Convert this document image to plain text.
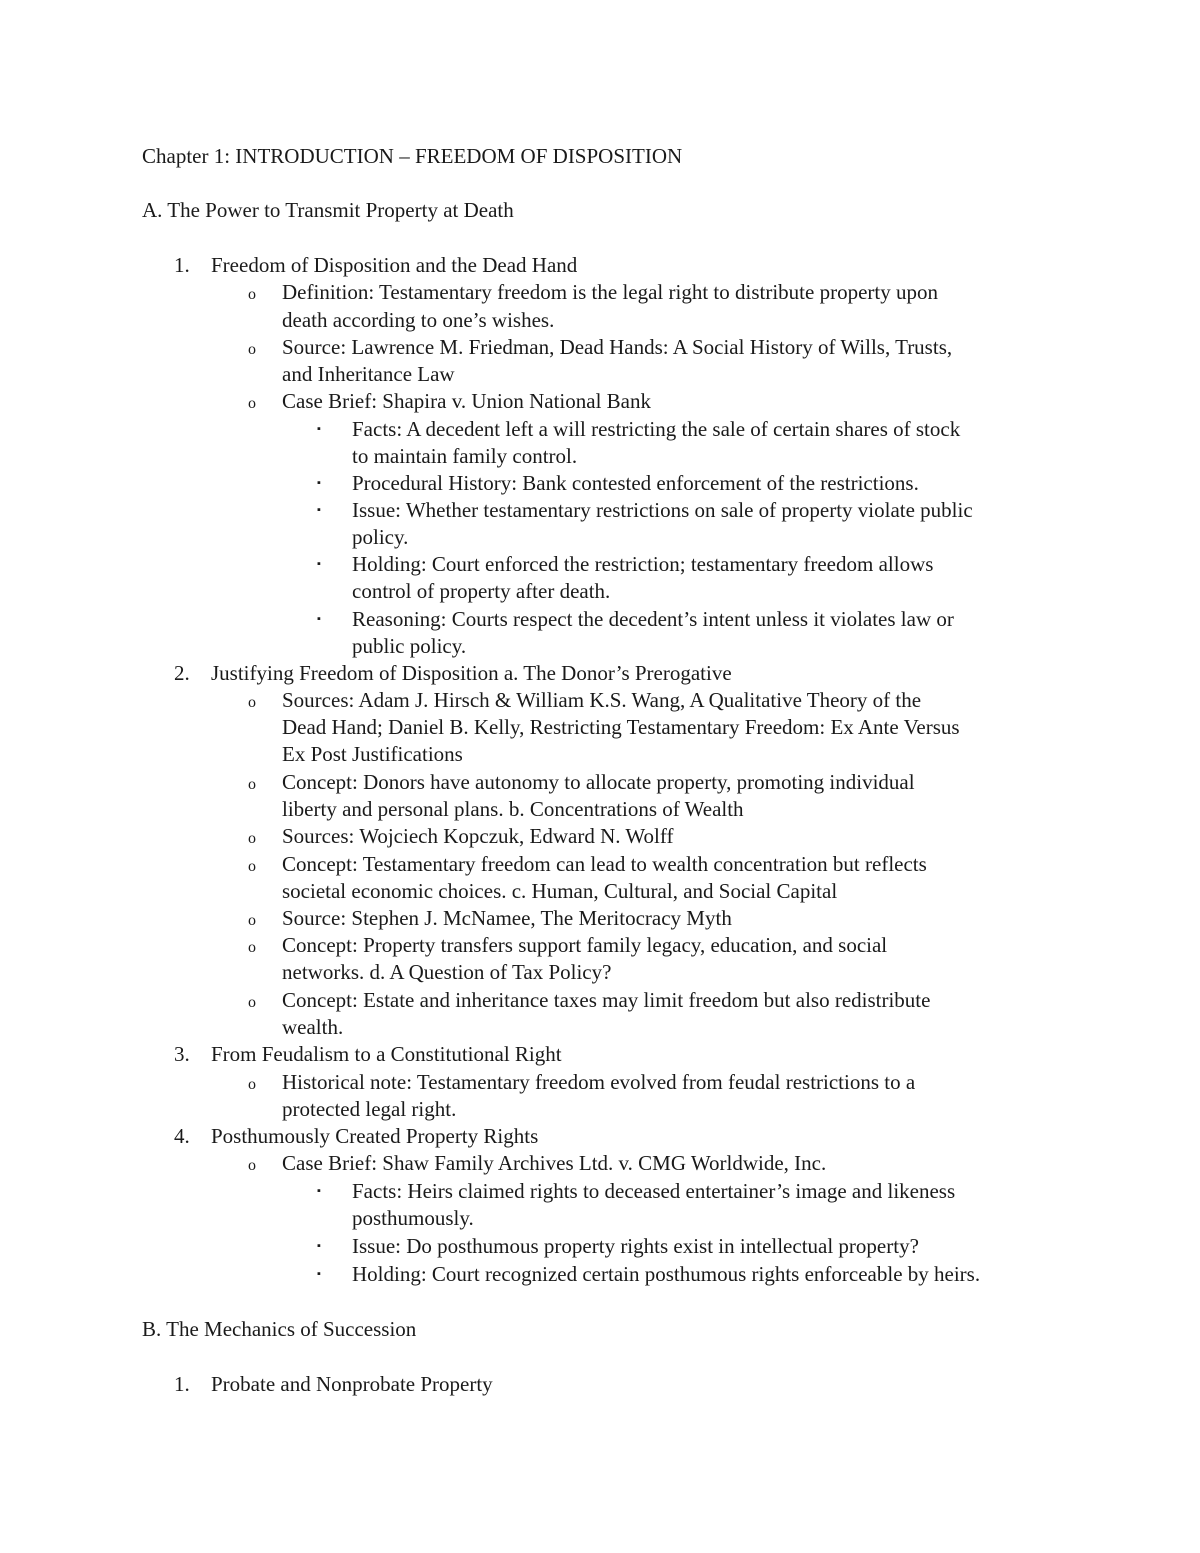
Chapter 1: INTRODUCTION – FREEDOM OF DISPOSITION
A. The Power to Transmit Property at Death
1. Freedom of Disposition and the Dead Hand
o Definition: Testamentary freedom is the legal right to distribute property upon
death according to one’s wishes.
o Source: Lawrence M. Friedman, Dead Hands: A Social History of Wills, Trusts,
and Inheritance Law
o Case Brief: Shapira v. Union National Bank
▪ Facts: A decedent left a will restricting the sale of certain shares of stock
to maintain family control.
▪ Procedural History: Bank contested enforcement of the restrictions.
▪ Issue: Whether testamentary restrictions on sale of property violate public
policy.
▪ Holding: Court enforced the restriction; testamentary freedom allows
control of property after death.
▪ Reasoning: Courts respect the decedent’s intent unless it violates law or
public policy.
2. Justifying Freedom of Disposition a. The Donor’s Prerogative
o Sources: Adam J. Hirsch & William K.S. Wang, A Qualitative Theory of the
Dead Hand; Daniel B. Kelly, Restricting Testamentary Freedom: Ex Ante Versus
Ex Post Justifications
o Concept: Donors have autonomy to allocate property, promoting individual
liberty and personal plans. b. Concentrations of Wealth
o Sources: Wojciech Kopczuk, Edward N. Wolff
o Concept: Testamentary freedom can lead to wealth concentration but reflects
societal economic choices. c. Human, Cultural, and Social Capital
o Source: Stephen J. McNamee, The Meritocracy Myth
o Concept: Property transfers support family legacy, education, and social
networks. d. A Question of Tax Policy?
o Concept: Estate and inheritance taxes may limit freedom but also redistribute
wealth.
3. From Feudalism to a Constitutional Right
o Historical note: Testamentary freedom evolved from feudal restrictions to a
protected legal right.
4. Posthumously Created Property Rights
o Case Brief: Shaw Family Archives Ltd. v. CMG Worldwide, Inc.
▪ Facts: Heirs claimed rights to deceased entertainer’s image and likeness
posthumously.
▪ Issue: Do posthumous property rights exist in intellectual property?
▪ Holding: Court recognized certain posthumous rights enforceable by heirs.
B. The Mechanics of Succession
1. Probate and Nonprobate Property
